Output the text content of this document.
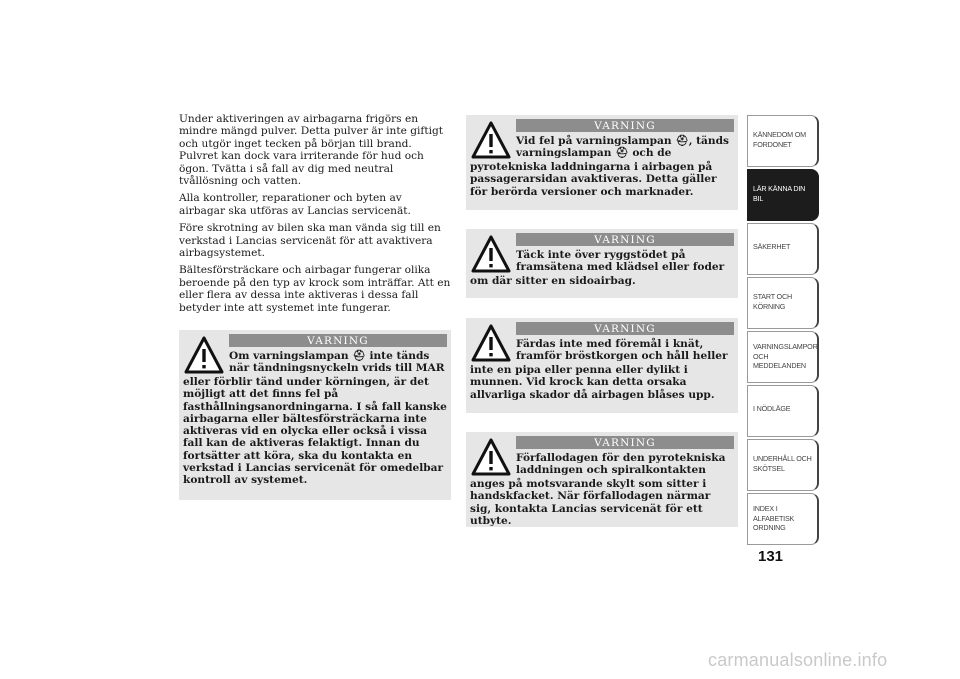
Under aktiveringen av airbagarna frigörs en mindre mängd pulver. Detta pulver är inte giftigt och utgör inget tecken på början till brand. Pulvret kan dock vara irriterande för hud och ögon. Tvätta i så fall av dig med neutral tvållösning och vatten.

Alla kontroller, reparationer och byten av airbagar ska utföras av Lancias servicenät.

Före skrotning av bilen ska man vända sig till en verkstad i Lancias servicenät för att avaktivera airbagsystemet.

Bältesförsträckare och airbagar fungerar olika beroende på den typ av krock som inträffar. Att en eller flera av dessa inte aktiveras i dessa fall betyder inte att systemet inte fungerar.

VARNING
Om varningslampan ⛑ inte tänds när tändningsnyckeln vrids till MAR
eller förblir tänd under körningen, är det möjligt att det finns fel på fasthållningsanordningarna. I så fall kanske airbagarna eller bältesförsträckarna inte aktiveras vid en olycka eller också i vissa fall kan de aktiveras felaktigt. Innan du fortsätter att köra, ska du kontakta en verkstad i Lancias servicenät för omedelbar kontroll av systemet.
VARNING
Vid fel på varningslampan ⛑, tänds varningslampan ⛑ och de
pyrotekniska laddningarna i airbagen på passagerarsidan avaktiveras. Detta gäller för berörda versioner och marknader.
VARNING
Täck inte över ryggstödet på framsätena med klädsel eller foder
om där sitter en sidoairbag.
VARNING
Färdas inte med föremål i knät, framför bröstkorgen och håll heller
inte en pipa eller penna eller dylikt i munnen. Vid krock kan detta orsaka allvarliga skador då airbagen blåses upp.
VARNING
Förfallodagen för den pyrotekniska laddningen och spiralkontakten
anges på motsvarande skylt som sitter i handskfacket. När förfallodagen närmar sig, kontakta Lancias servicenät för ett utbyte.
KÄNNEDOM OM
FORDONET
LÄR KÄNNA DIN
BIL
SÄKERHET
START OCH
KÖRNING
VARNINGSLAMPOR
OCH
MEDDELANDEN
I NÖDLÄGE
UNDERHÅLL OCH
SKÖTSEL
INDEX I
ALFABETISK
ORDNING
131
carmanualsonline.info
